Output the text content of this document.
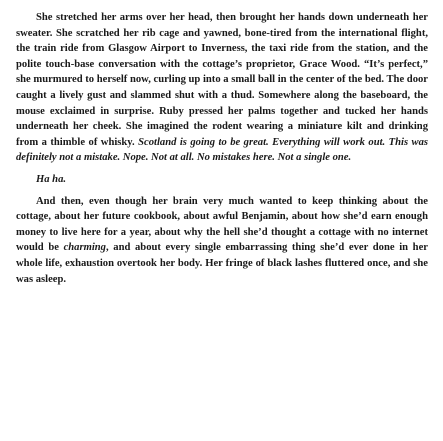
She stretched her arms over her head, then brought her hands down underneath her sweater. She scratched her rib cage and yawned, bone-tired from the international flight, the train ride from Glasgow Airport to Inverness, the taxi ride from the station, and the polite touch-base conversation with the cottage’s proprietor, Grace Wood. “It’s perfect,” she murmured to herself now, curling up into a small ball in the center of the bed. The door caught a lively gust and slammed shut with a thud. Somewhere along the baseboard, the mouse exclaimed in surprise. Ruby pressed her palms together and tucked her hands underneath her cheek. She imagined the rodent wearing a miniature kilt and drinking from a thimble of whisky. Scotland is going to be great. Everything will work out. This was definitely not a mistake. Nope. Not at all. No mistakes here. Not a single one.

Ha ha.

And then, even though her brain very much wanted to keep thinking about the cottage, about her future cookbook, about awful Benjamin, about how she’d earn enough money to live here for a year, about why the hell she’d thought a cottage with no internet would be charming, and about every single embarrassing thing she’d ever done in her whole life, exhaustion overtook her body. Her fringe of black lashes fluttered once, and she was asleep.
